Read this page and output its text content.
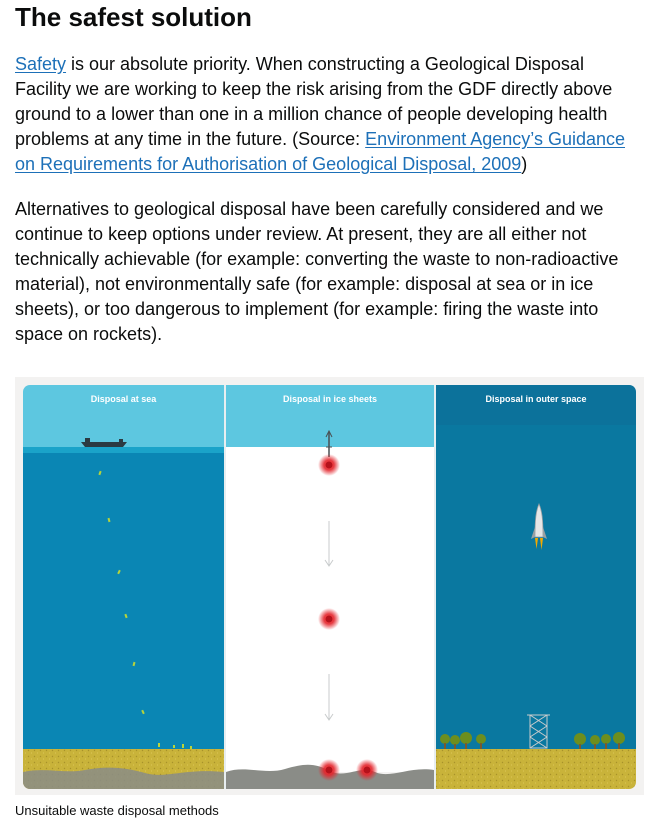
The safest solution

Safety is our absolute priority. When constructing a Geological Disposal Facility we are working to keep the risk arising from the GDF directly above ground to a lower than one in a million chance of people developing health problems at any time in the future. (Source: Environment Agency’s Guidance on Requirements for Authorisation of Geological Disposal, 2009)

Alternatives to geological disposal have been carefully considered and we continue to keep options under review. At present, they are all either not technically achievable (for example: converting the waste to non-radioactive material), not environmentally safe (for example: disposal at sea or in ice sheets), or too dangerous to implement (for example: firing the waste into space on rockets).

Disposal at sea	Disposal in ice sheets	Disposal in outer space
Unsuitable waste disposal methods
